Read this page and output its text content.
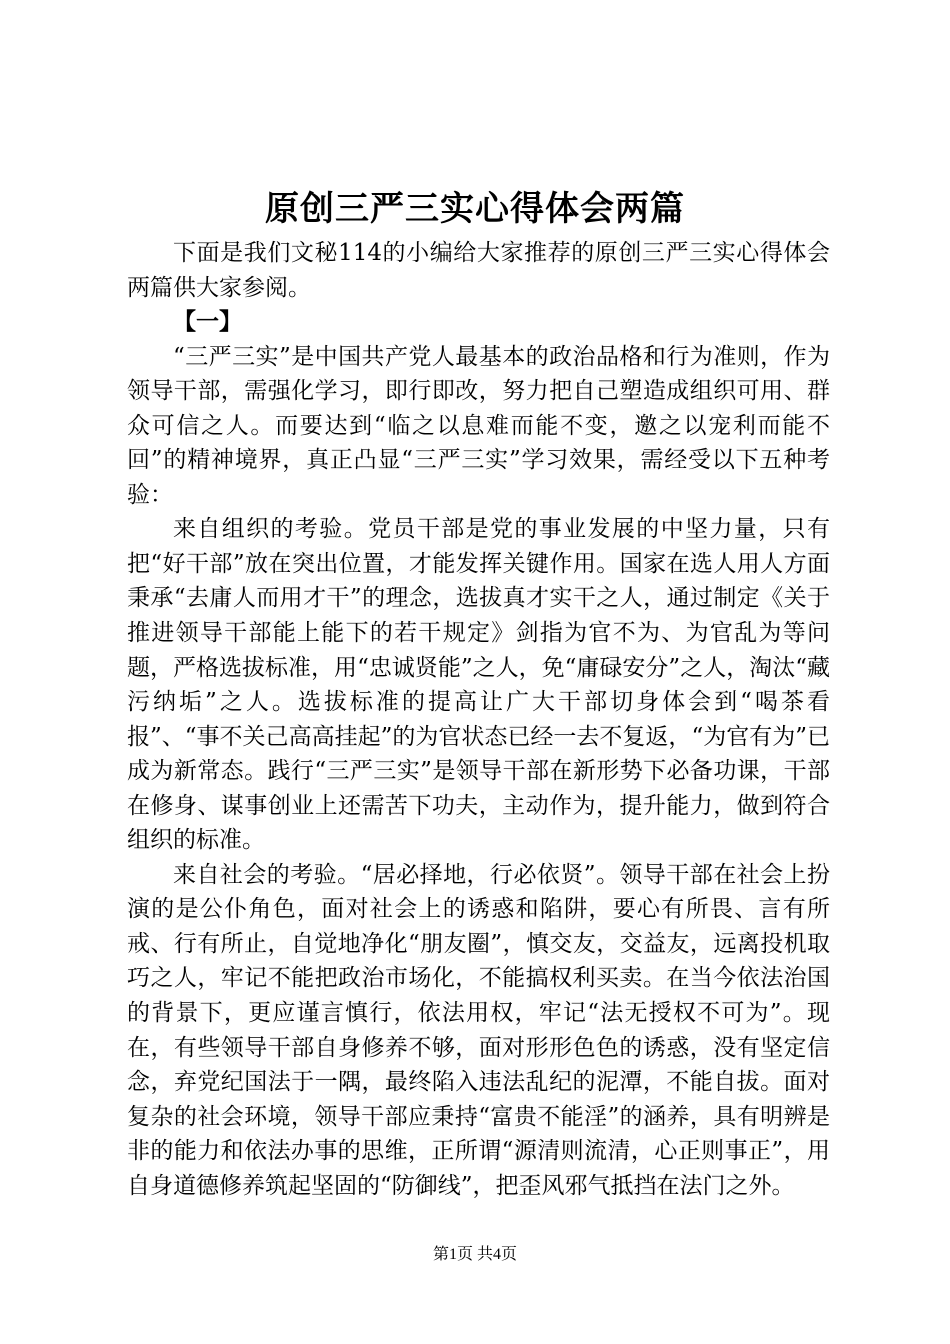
原创三严三实心得体会两篇

下面是我们文秘114的小编给大家推荐的原创三严三实心得体会两篇供大家参阅。

【一】

“三严三实”是中国共产党人最基本的政治品格和行为准则，作为领导干部，需强化学习，即行即改，努力把自己塑造成组织可用、群众可信之人。而要达到“临之以息难而能不变，邀之以宠利而能不回”的精神境界，真正凸显“三严三实”学习效果，需经受以下五种考验：

来自组织的考验。党员干部是党的事业发展的中坚力量，只有把“好干部”放在突出位置，才能发挥关键作用。国家在选人用人方面秉承“去庸人而用才干”的理念，选拔真才实干之人，通过制定《关于推进领导干部能上能下的若干规定》剑指为官不为、为官乱为等问题，严格选拔标准，用“忠诚贤能”之人，免“庸碌安分”之人，淘汰“藏污纳垢”之人。选拔标准的提高让广大干部切身体会到“喝茶看报”、“事不关己高高挂起”的为官状态已经一去不复返，“为官有为”已成为新常态。践行“三严三实”是领导干部在新形势下必备功课，干部在修身、谋事创业上还需苦下功夫，主动作为，提升能力，做到符合组织的标准。

来自社会的考验。“居必择地，行必依贤”。领导干部在社会上扮演的是公仆角色，面对社会上的诱惑和陷阱，要心有所畏、言有所戒、行有所止，自觉地净化“朋友圈”，慎交友，交益友，远离投机取巧之人，牢记不能把政治市场化，不能搞权利买卖。在当今依法治国的背景下，更应谨言慎行，依法用权，牢记“法无授权不可为”。现在，有些领导干部自身修养不够，面对形形色色的诱惑，没有坚定信念，弃党纪国法于一隅，最终陷入违法乱纪的泥潭，不能自拔。面对复杂的社会环境，领导干部应秉持“富贵不能淫”的涵养，具有明辨是非的能力和依法办事的思维，正所谓“源清则流清，心正则事正”，用自身道德修养筑起坚固的“防御线”，把歪风邪气抵挡在法门之外。

第1页 共4页
